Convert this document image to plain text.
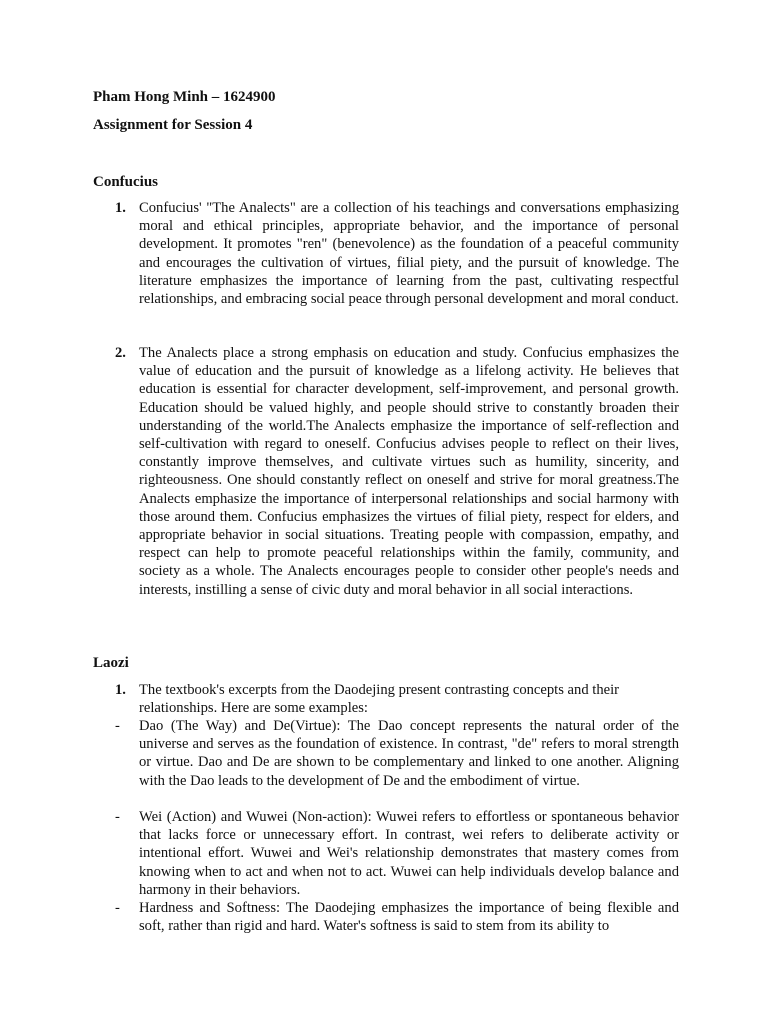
Pham Hong Minh – 1624900
Assignment for Session 4
Confucius
1. Confucius' "The Analects" are a collection of his teachings and conversations emphasizing moral and ethical principles, appropriate behavior, and the importance of personal development. It promotes "ren" (benevolence) as the foundation of a peaceful community and encourages the cultivation of virtues, filial piety, and the pursuit of knowledge. The literature emphasizes the importance of learning from the past, cultivating respectful relationships, and embracing social peace through personal development and moral conduct.
2. The Analects place a strong emphasis on education and study. Confucius emphasizes the value of education and the pursuit of knowledge as a lifelong activity. He believes that education is essential for character development, self-improvement, and personal growth. Education should be valued highly, and people should strive to constantly broaden their understanding of the world.The Analects emphasize the importance of self-reflection and self-cultivation with regard to oneself. Confucius advises people to reflect on their lives, constantly improve themselves, and cultivate virtues such as humility, sincerity, and righteousness. One should constantly reflect on oneself and strive for moral greatness.The Analects emphasize the importance of interpersonal relationships and social harmony with those around them. Confucius emphasizes the virtues of filial piety, respect for elders, and appropriate behavior in social situations. Treating people with compassion, empathy, and respect can help to promote peaceful relationships within the family, community, and society as a whole. The Analects encourages people to consider other people's needs and interests, instilling a sense of civic duty and moral behavior in all social interactions.
Laozi
1. The textbook's excerpts from the Daodejing present contrasting concepts and their relationships. Here are some examples:
- Dao (The Way) and De(Virtue): The Dao concept represents the natural order of the universe and serves as the foundation of existence. In contrast, "de" refers to moral strength or virtue. Dao and De are shown to be complementary and linked to one another. Aligning with the Dao leads to the development of De and the embodiment of virtue.
- Wei (Action) and Wuwei (Non-action): Wuwei refers to effortless or spontaneous behavior that lacks force or unnecessary effort. In contrast, wei refers to deliberate activity or intentional effort. Wuwei and Wei's relationship demonstrates that mastery comes from knowing when to act and when not to act. Wuwei can help individuals develop balance and harmony in their behaviors.
- Hardness and Softness: The Daodejing emphasizes the importance of being flexible and soft, rather than rigid and hard. Water's softness is said to stem from its ability to
